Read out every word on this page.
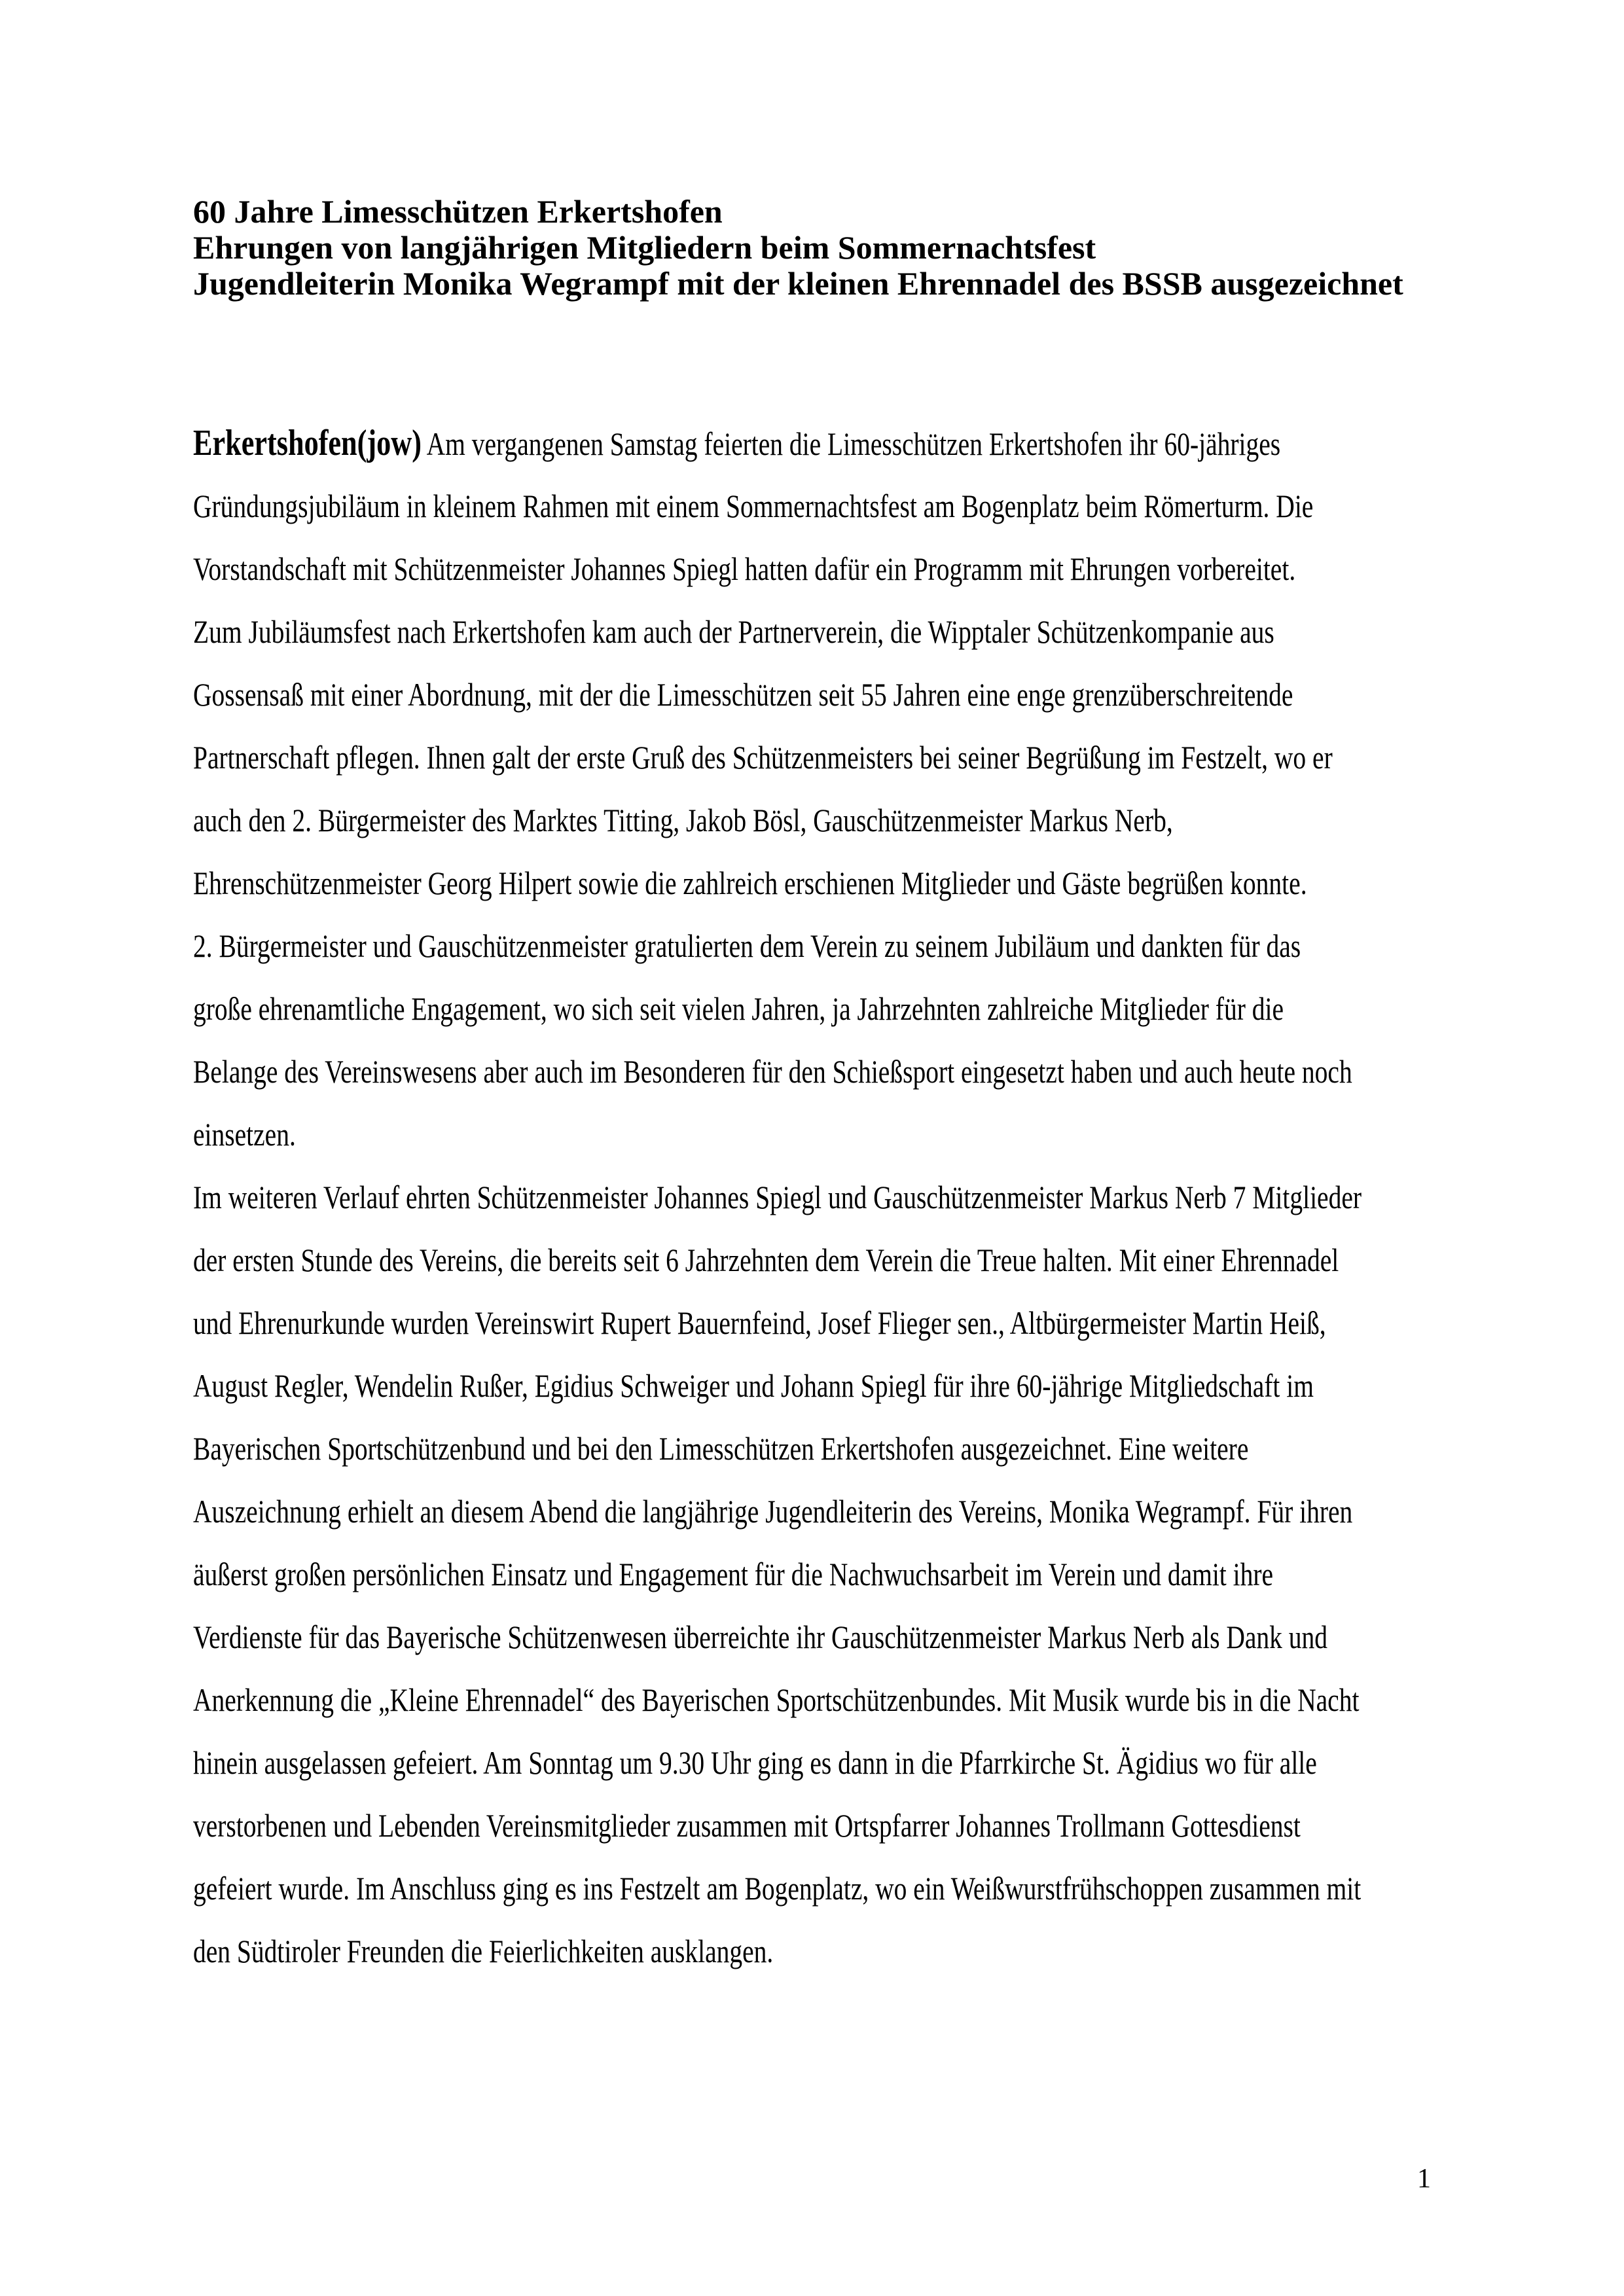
60 Jahre Limesschützen Erkertshofen
Ehrungen von langjährigen Mitgliedern beim Sommernachtsfest
Jugendleiterin Monika Wegrampf mit der kleinen Ehrennadel des BSSB ausgezeichnet
Erkertshofen(jow) Am vergangenen Samstag feierten die Limesschützen Erkertshofen ihr 60-jähriges
Gründungsjubiläum in kleinem Rahmen mit einem Sommernachtsfest am Bogenplatz beim Römerturm. Die
Vorstandschaft mit Schützenmeister Johannes Spiegl hatten dafür ein Programm mit Ehrungen vorbereitet.
Zum Jubiläumsfest nach Erkertshofen kam auch der Partnerverein, die Wipptaler Schützenkompanie aus
Gossensaß mit einer Abordnung, mit der die Limesschützen seit 55 Jahren eine enge grenzüberschreitende
Partnerschaft pflegen. Ihnen galt der erste Gruß des Schützenmeisters bei seiner Begrüßung im Festzelt, wo er
auch den 2. Bürgermeister des Marktes Titting, Jakob Bösl, Gauschützenmeister Markus Nerb,
Ehrenschützenmeister Georg Hilpert sowie die zahlreich erschienen Mitglieder und Gäste begrüßen konnte.
2. Bürgermeister und Gauschützenmeister gratulierten dem Verein zu seinem Jubiläum und dankten für das
große ehrenamtliche Engagement, wo sich seit vielen Jahren, ja Jahrzehnten zahlreiche Mitglieder für die
Belange des Vereinswesens aber auch im Besonderen für den Schießsport eingesetzt haben und auch heute noch
einsetzen.
Im weiteren Verlauf ehrten Schützenmeister Johannes Spiegl und Gauschützenmeister Markus Nerb 7 Mitglieder
der ersten Stunde des Vereins, die bereits seit 6 Jahrzehnten dem Verein die Treue halten. Mit einer Ehrennadel
und Ehrenurkunde wurden Vereinswirt Rupert Bauernfeind, Josef Flieger sen., Altbürgermeister Martin Heiß,
August Regler, Wendelin Rußer, Egidius Schweiger und Johann Spiegl für ihre 60-jährige Mitgliedschaft im
Bayerischen Sportschützenbund und bei den Limesschützen Erkertshofen ausgezeichnet. Eine weitere
Auszeichnung erhielt an diesem Abend die langjährige Jugendleiterin des Vereins, Monika Wegrampf. Für ihren
äußerst großen persönlichen Einsatz und Engagement für die Nachwuchsarbeit im Verein und damit ihre
Verdienste für das Bayerische Schützenwesen überreichte ihr Gauschützenmeister Markus Nerb als Dank und
Anerkennung die „Kleine Ehrennadel“ des Bayerischen Sportschützenbundes. Mit Musik wurde bis in die Nacht
hinein ausgelassen gefeiert. Am Sonntag um 9.30 Uhr ging es dann in die Pfarrkirche St. Ägidius wo für alle
verstorbenen und Lebenden Vereinsmitglieder zusammen mit Ortspfarrer Johannes Trollmann Gottesdienst
gefeiert wurde. Im Anschluss ging es ins Festzelt am Bogenplatz, wo ein Weißwurstfrühschoppen zusammen mit
den Südtiroler Freunden die Feierlichkeiten ausklangen.
1
